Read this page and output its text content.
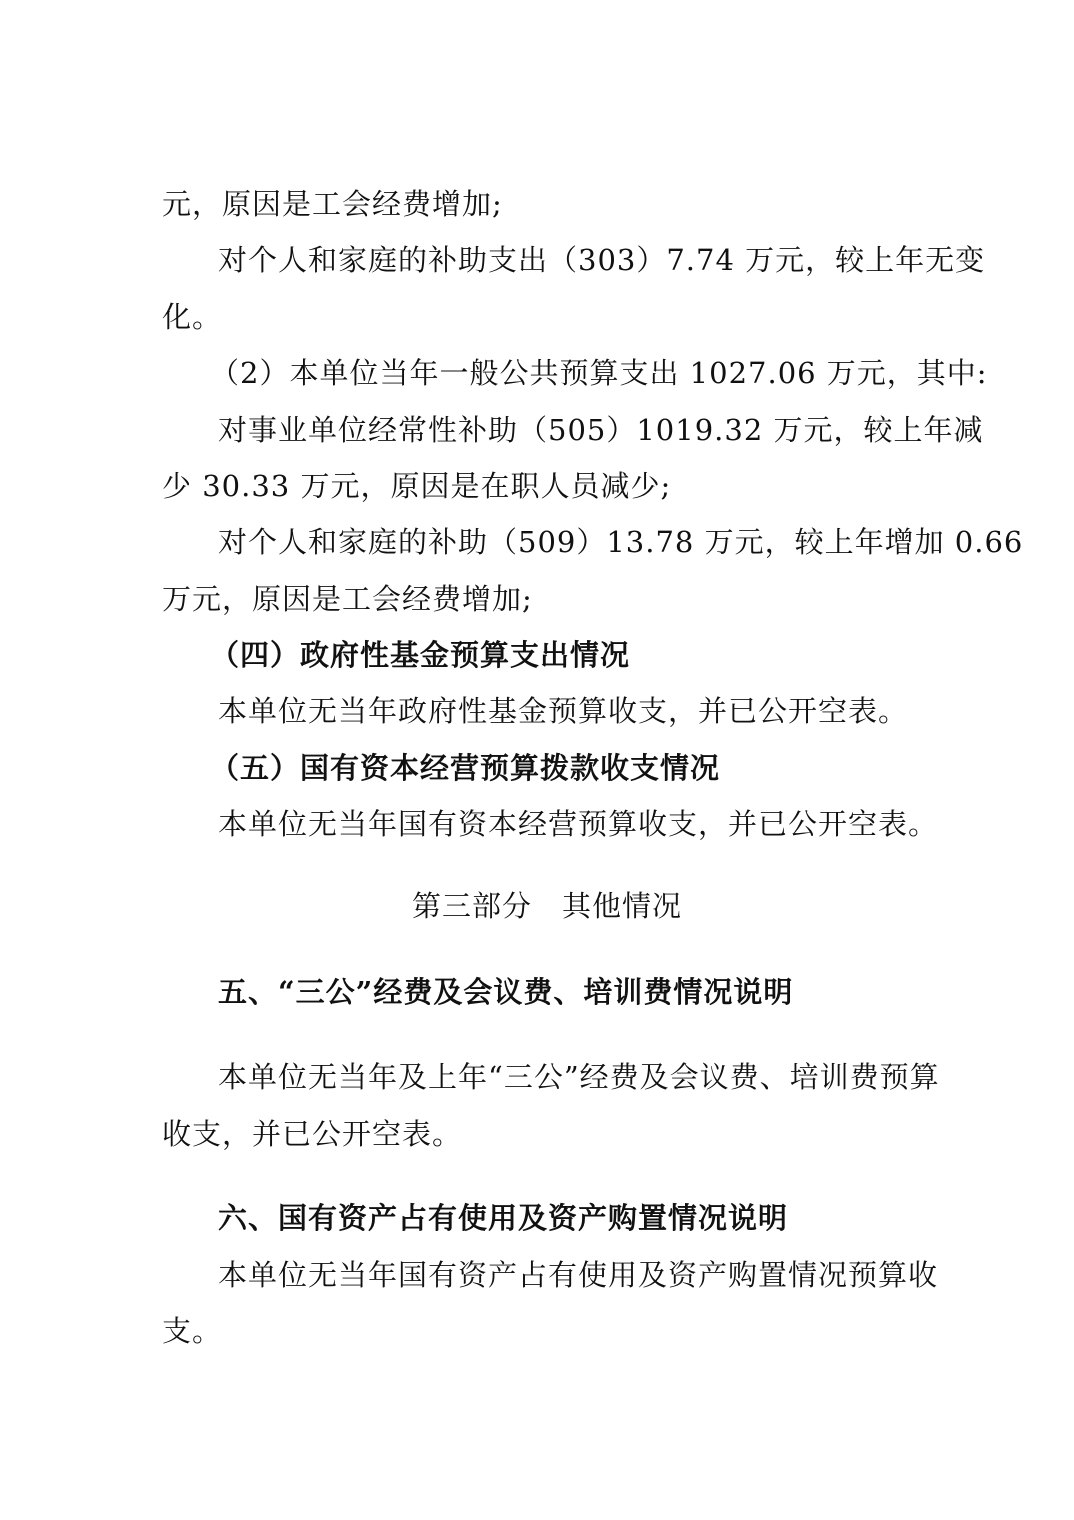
元，原因是工会经费增加;
对个人和家庭的补助支出（303）7.74 万元，较上年无变
化。
（2）本单位当年一般公共预算支出 1027.06 万元，其中:
对事业单位经常性补助（505）1019.32 万元，较上年减
少 30.33 万元，原因是在职人员减少;
对个人和家庭的补助（509）13.78 万元，较上年增加 0.66
万元，原因是工会经费增加;
（四）政府性基金预算支出情况
本单位无当年政府性基金预算收支，并已公开空表。
（五）国有资本经营预算拨款收支情况
本单位无当年国有资本经营预算收支，并已公开空表。
第三部分　其他情况
五、“三公”经费及会议费、培训费情况说明
本单位无当年及上年“三公”经费及会议费、培训费预算
收支，并已公开空表。
六、国有资产占有使用及资产购置情况说明
本单位无当年国有资产占有使用及资产购置情况预算收
支。
